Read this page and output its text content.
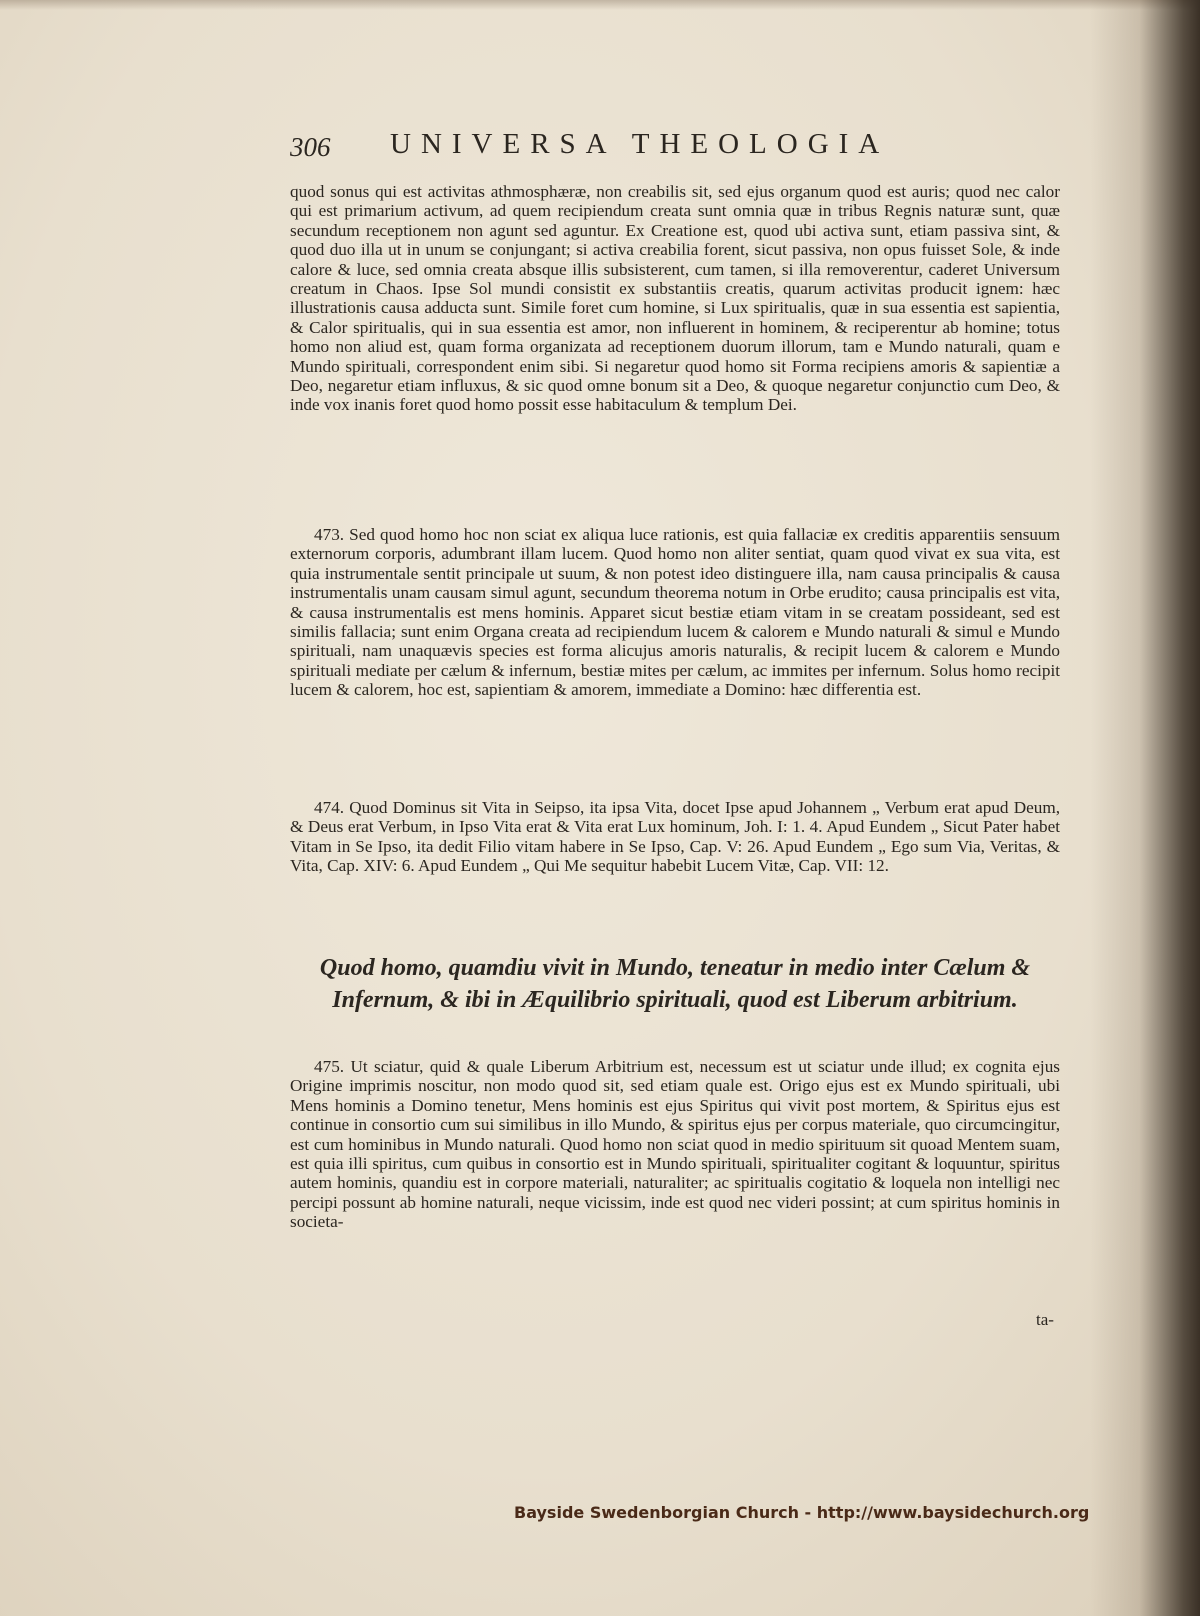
306 UNIVERSA THEOLOGIA

quod sonus qui est activitas athmosphæræ, non creabilis sit, sed ejus organum quod est auris; quod nec calor qui est primarium activum, ad quem recipiendum creata sunt omnia quæ in tribus Regnis naturæ sunt, quæ secundum receptionem non agunt sed aguntur. Ex Creatione est, quod ubi activa sunt, etiam passiva sint, & quod duo illa ut in unum se conjungant; si activa creabilia forent, sicut passiva, non opus fuisset Sole, & inde calore & luce, sed omnia creata absque illis subsisterent, cum tamen, si illa removerentur, caderet Universum creatum in Chaos. Ipse Sol mundi consistit ex substantiis creatis, quarum activitas producit ignem: hæc illustrationis causa adducta sunt. Simile foret cum homine, si Lux spiritualis, quæ in sua essentia est sapientia, & Calor spiritualis, qui in sua essentia est amor, non influerent in hominem, & reciperentur ab homine; totus homo non aliud est, quam forma organizata ad receptionem duorum illorum, tam e Mundo naturali, quam e Mundo spirituali, correspondent enim sibi. Si negaretur quod homo sit Forma recipiens amoris & sapientiæ a Deo, negaretur etiam influxus, & sic quod omne bonum sit a Deo, & quoque negaretur conjunctio cum Deo, & inde vox inanis foret quod homo possit esse habitaculum & templum Dei.

473. Sed quod homo hoc non sciat ex aliqua luce rationis, est quia fallaciæ ex creditis apparentiis sensuum externorum corporis, adumbrant illam lucem. Quod homo non aliter sentiat, quam quod vivat ex sua vita, est quia instrumentale sentit principale ut suum, & non potest ideo distinguere illa, nam causa principalis & causa instrumentalis unam causam simul agunt, secundum theorema notum in Orbe erudito; causa principalis est vita, & causa instrumentalis est mens hominis. Apparet sicut bestiæ etiam vitam in se creatam possideant, sed est similis fallacia; sunt enim Organa creata ad recipiendum lucem & calorem e Mundo naturali & simul e Mundo spirituali, nam unaquævis species est forma alicujus amoris naturalis, & recipit lucem & calorem e Mundo spirituali mediate per cælum & infernum, bestiæ mites per cælum, ac immites per infernum. Solus homo recipit lucem & calorem, hoc est, sapientiam & amorem, immediate a Domino: hæc differentia est.

474. Quod Dominus sit Vita in Seipso, ita ipsa Vita, docet Ipse apud Johannem „ Verbum erat apud Deum, & Deus erat Verbum, in Ipso Vita erat & Vita erat Lux hominum, Joh. I: 1. 4. Apud Eundem „ Sicut Pater habet Vitam in Se Ipso, ita dedit Filio vitam habere in Se Ipso, Cap. V: 26. Apud Eundem „ Ego sum Via, Veritas, & Vita, Cap. XIV: 6. Apud Eundem „ Qui Me sequitur habebit Lucem Vitæ, Cap. VII: 12.

Quod homo, quamdiu vivit in Mundo, teneatur in medio inter Cælum & Infernum, & ibi in Æquilibrio spirituali, quod est Liberum arbitrium.

475. Ut sciatur, quid & quale Liberum Arbitrium est, necessum est ut sciatur unde illud; ex cognita ejus Origine imprimis noscitur, non modo quod sit, sed etiam quale est. Origo ejus est ex Mundo spirituali, ubi Mens hominis a Domino tenetur, Mens hominis est ejus Spiritus qui vivit post mortem, & Spiritus ejus est continue in consortio cum sui similibus in illo Mundo, & spiritus ejus per corpus materiale, quo circumcingitur, est cum hominibus in Mundo naturali. Quod homo non sciat quod in medio spirituum sit quoad Mentem suam, est quia illi spiritus, cum quibus in consortio est in Mundo spirituali, spiritualiter cogitant & loquuntur, spiritus autem hominis, quandiu est in corpore materiali, naturaliter; ac spiritualis cogitatio & loquela non intelligi nec percipi possunt ab homine naturali, neque vicissim, inde est quod nec videri possint; at cum spiritus hominis in societa-

ta-
Bayside Swedenborgian Church - http://www.baysidechurch.org
